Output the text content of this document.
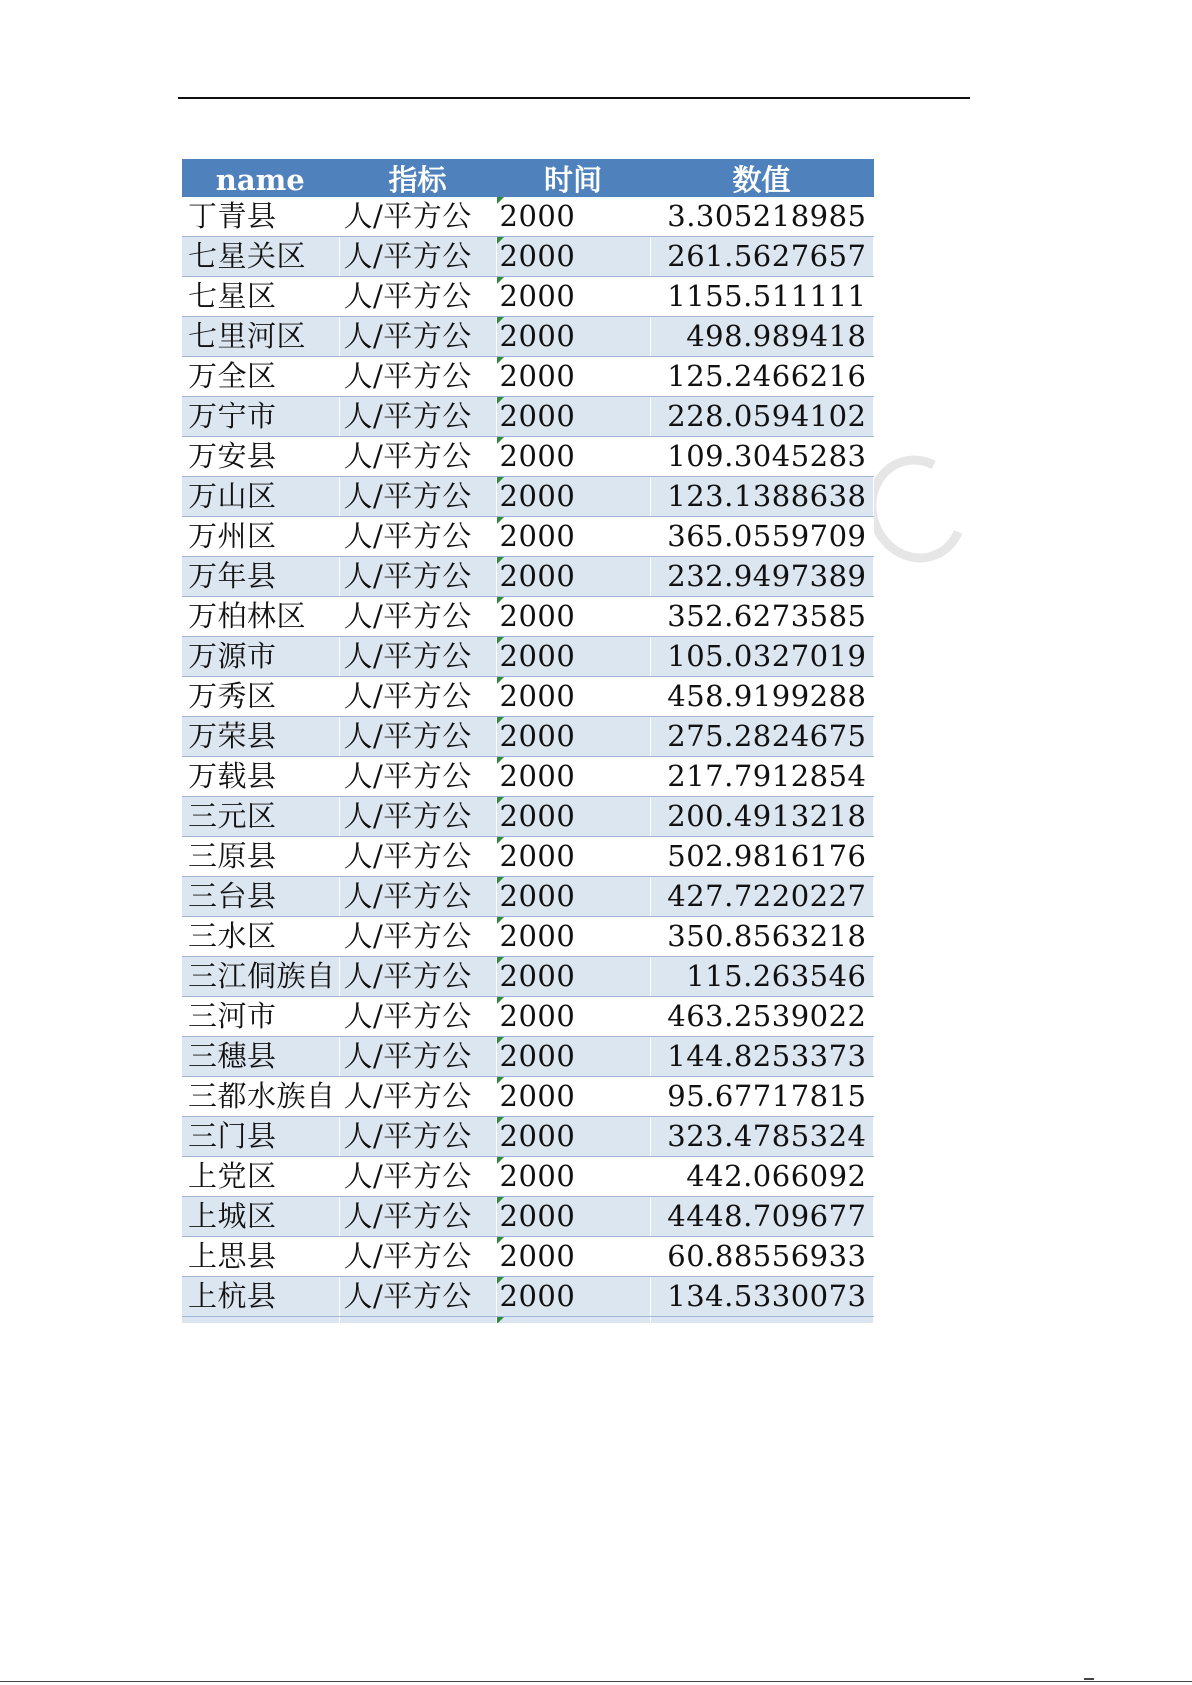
name	指标	时间	数值
丁青县	人/平方公	2000	3.305218985
七星关区	人/平方公	2000	261.5627657
七星区	人/平方公	2000	1155.511111
七里河区	人/平方公	2000	498.989418
万全区	人/平方公	2000	125.2466216
万宁市	人/平方公	2000	228.0594102
万安县	人/平方公	2000	109.3045283
万山区	人/平方公	2000	123.1388638
万州区	人/平方公	2000	365.0559709
万年县	人/平方公	2000	232.9497389
万柏林区	人/平方公	2000	352.6273585
万源市	人/平方公	2000	105.0327019
万秀区	人/平方公	2000	458.9199288
万荣县	人/平方公	2000	275.2824675
万载县	人/平方公	2000	217.7912854
三元区	人/平方公	2000	200.4913218
三原县	人/平方公	2000	502.9816176
三台县	人/平方公	2000	427.7220227
三水区	人/平方公	2000	350.8563218
三江侗族自	人/平方公	2000	115.263546
三河市	人/平方公	2000	463.2539022
三穗县	人/平方公	2000	144.8253373
三都水族自	人/平方公	2000	95.67717815
三门县	人/平方公	2000	323.4785324
上党区	人/平方公	2000	442.066092
上城区	人/平方公	2000	4448.709677
上思县	人/平方公	2000	60.88556933
上杭县	人/平方公	2000	134.5330073
